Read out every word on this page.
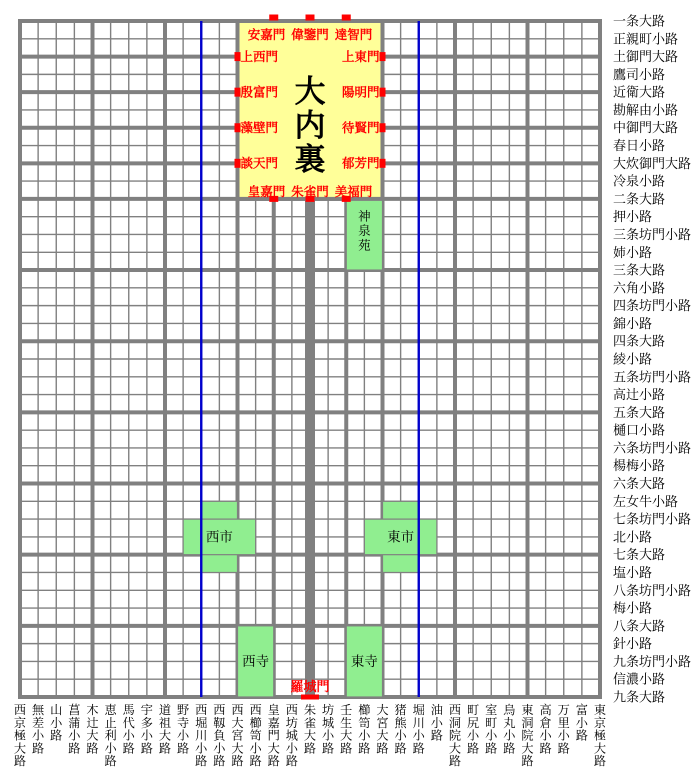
安嘉門 偉鑒門 達智門
皇嘉門 朱雀門 美福門
上西門
殷富門
藻壁門
談天門
上東門
陽明門
待賢門
郁芳門
大内裏
神泉苑
西市	東市
西寺	東寺
羅城門
一条大路
正親町小路
土御門大路
鷹司小路
近衛大路
勘解由小路
中御門大路
春日小路
大炊御門大路
冷泉小路
二条大路
押小路
三条坊門小路
姉小路
三条大路
六角小路
四条坊門小路
錦小路
四条大路
綾小路
五条坊門小路
高辻小路
五条大路
樋口小路
六条坊門小路
楊梅小路
六条大路
左女牛小路
七条坊門小路
北小路
七条大路
塩小路
八条坊門小路
梅小路
八条大路
針小路
九条坊門小路
信濃小路
九条大路
西京極大路
無差小路
山小路
菖蒲小路
木辻大路
恵止利小路
馬代小路
宇多小路
道祖大路
野寺小路
西堀川小路
西靱負小路
西大宮大路
西櫛笥小路
皇嘉門大路
西坊城小路
朱雀大路
坊城小路
壬生大路
櫛笥小路
大宮大路
猪熊小路
堀川小路
油小路
西洞院大路
町尻小路
室町小路
烏丸小路
東洞院大路
高倉小路
万里小路
富小路
東京極大路
